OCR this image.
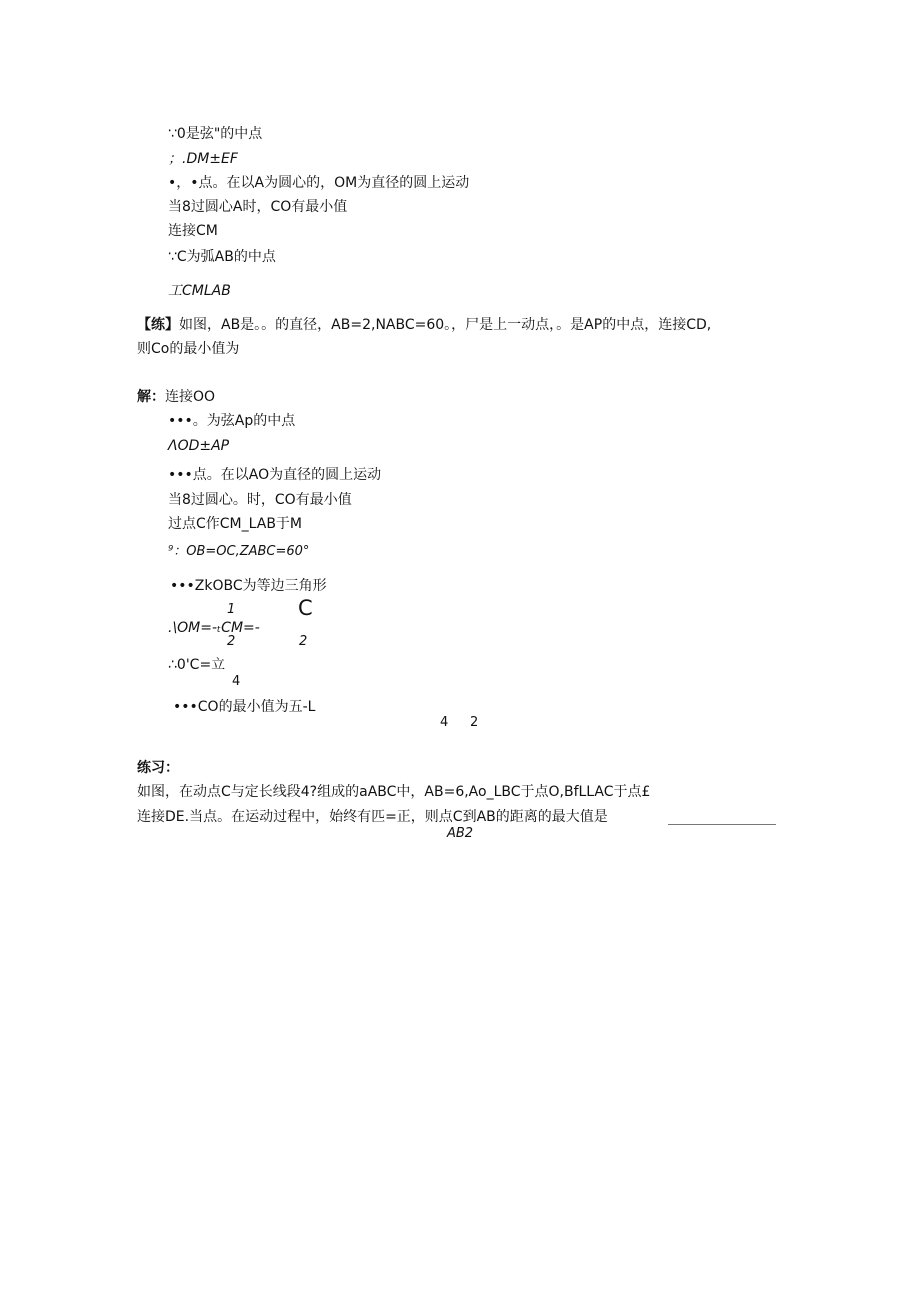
∵0是弦"的中点
；.DM±EF
•，•点。在以A为圆心的，OM为直径的圆上运动
当8过圆心A时，CO有最小值
连接CM
∵C为弧AB的中点
工CMLAB
【练】如图，AB是。。的直径，AB=2,NABC=60。，尸是上一动点，。是AP的中点，连接CD,
则Co的最小值为
解：连接OO
•••。为弦Ap的中点
ΛOD±AP
•••点。在以AO为直径的圆上运动
当8过圆心。时，CO有最小值
过点C作CM_LAB于M
⁹：OB=OC,ZABC=60°
•••ZkOBC为等边三角形
1	C
.\OM=-ₜCM=-
2	2
∴0'C=立
4
•••CO的最小值为五-L
4 2
练习：
如图，在动点C与定长线段4?组成的aABC中，AB=6,Ao_LBC于点O,BfLLAC于点£
连接DE.当点。在运动过程中，始终有匹=正，则点C到AB的距离的最大值是
AB2
